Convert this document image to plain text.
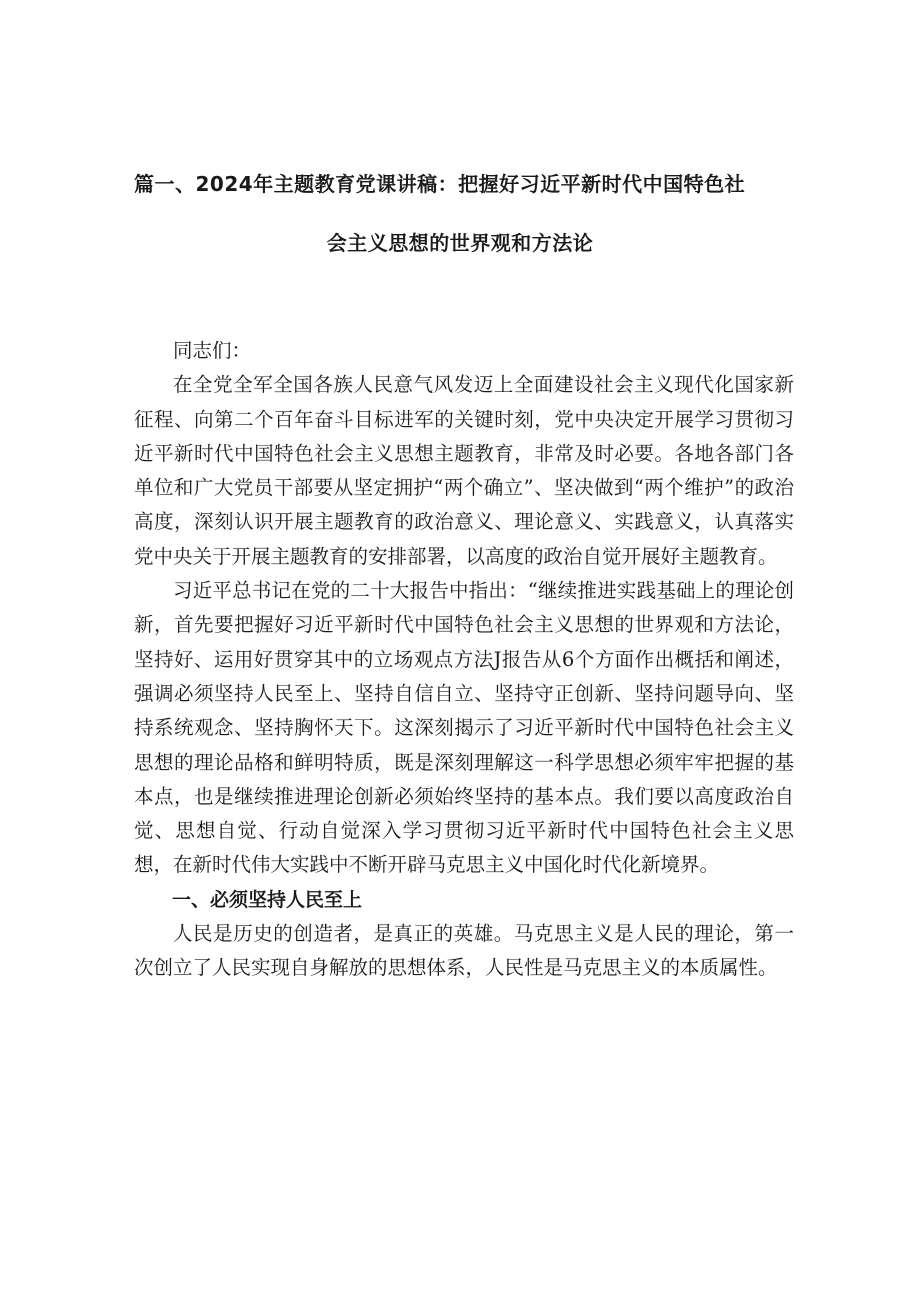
篇一、2024年主题教育党课讲稿：把握好习近平新时代中国特色社
会主义思想的世界观和方法论

同志们：

在全党全军全国各族人民意气风发迈上全面建设社会主义现代化国家新征程、向第二个百年奋斗目标进军的关键时刻，党中央决定开展学习贯彻习近平新时代中国特色社会主义思想主题教育，非常及时必要。各地各部门各单位和广大党员干部要从坚定拥护“两个确立”、坚决做到“两个维护”的政治高度，深刻认识开展主题教育的政治意义、理论意义、实践意义，认真落实党中央关于开展主题教育的安排部署，以高度的政治自觉开展好主题教育。

习近平总书记在党的二十大报告中指出：“继续推进实践基础上的理论创新，首先要把握好习近平新时代中国特色社会主义思想的世界观和方法论，坚持好、运用好贯穿其中的立场观点方法J报告从6个方面作出概括和阐述，强调必须坚持人民至上、坚持自信自立、坚持守正创新、坚持问题导向、坚持系统观念、坚持胸怀天下。这深刻揭示了习近平新时代中国特色社会主义思想的理论品格和鲜明特质，既是深刻理解这一科学思想必须牢牢把握的基本点，也是继续推进理论创新必须始终坚持的基本点。我们要以高度政治自觉、思想自觉、行动自觉深入学习贯彻习近平新时代中国特色社会主义思想，在新时代伟大实践中不断开辟马克思主义中国化时代化新境界。

一、必须坚持人民至上

人民是历史的创造者，是真正的英雄。马克思主义是人民的理论，第一次创立了人民实现自身解放的思想体系，人民性是马克思主义的本质属性。
